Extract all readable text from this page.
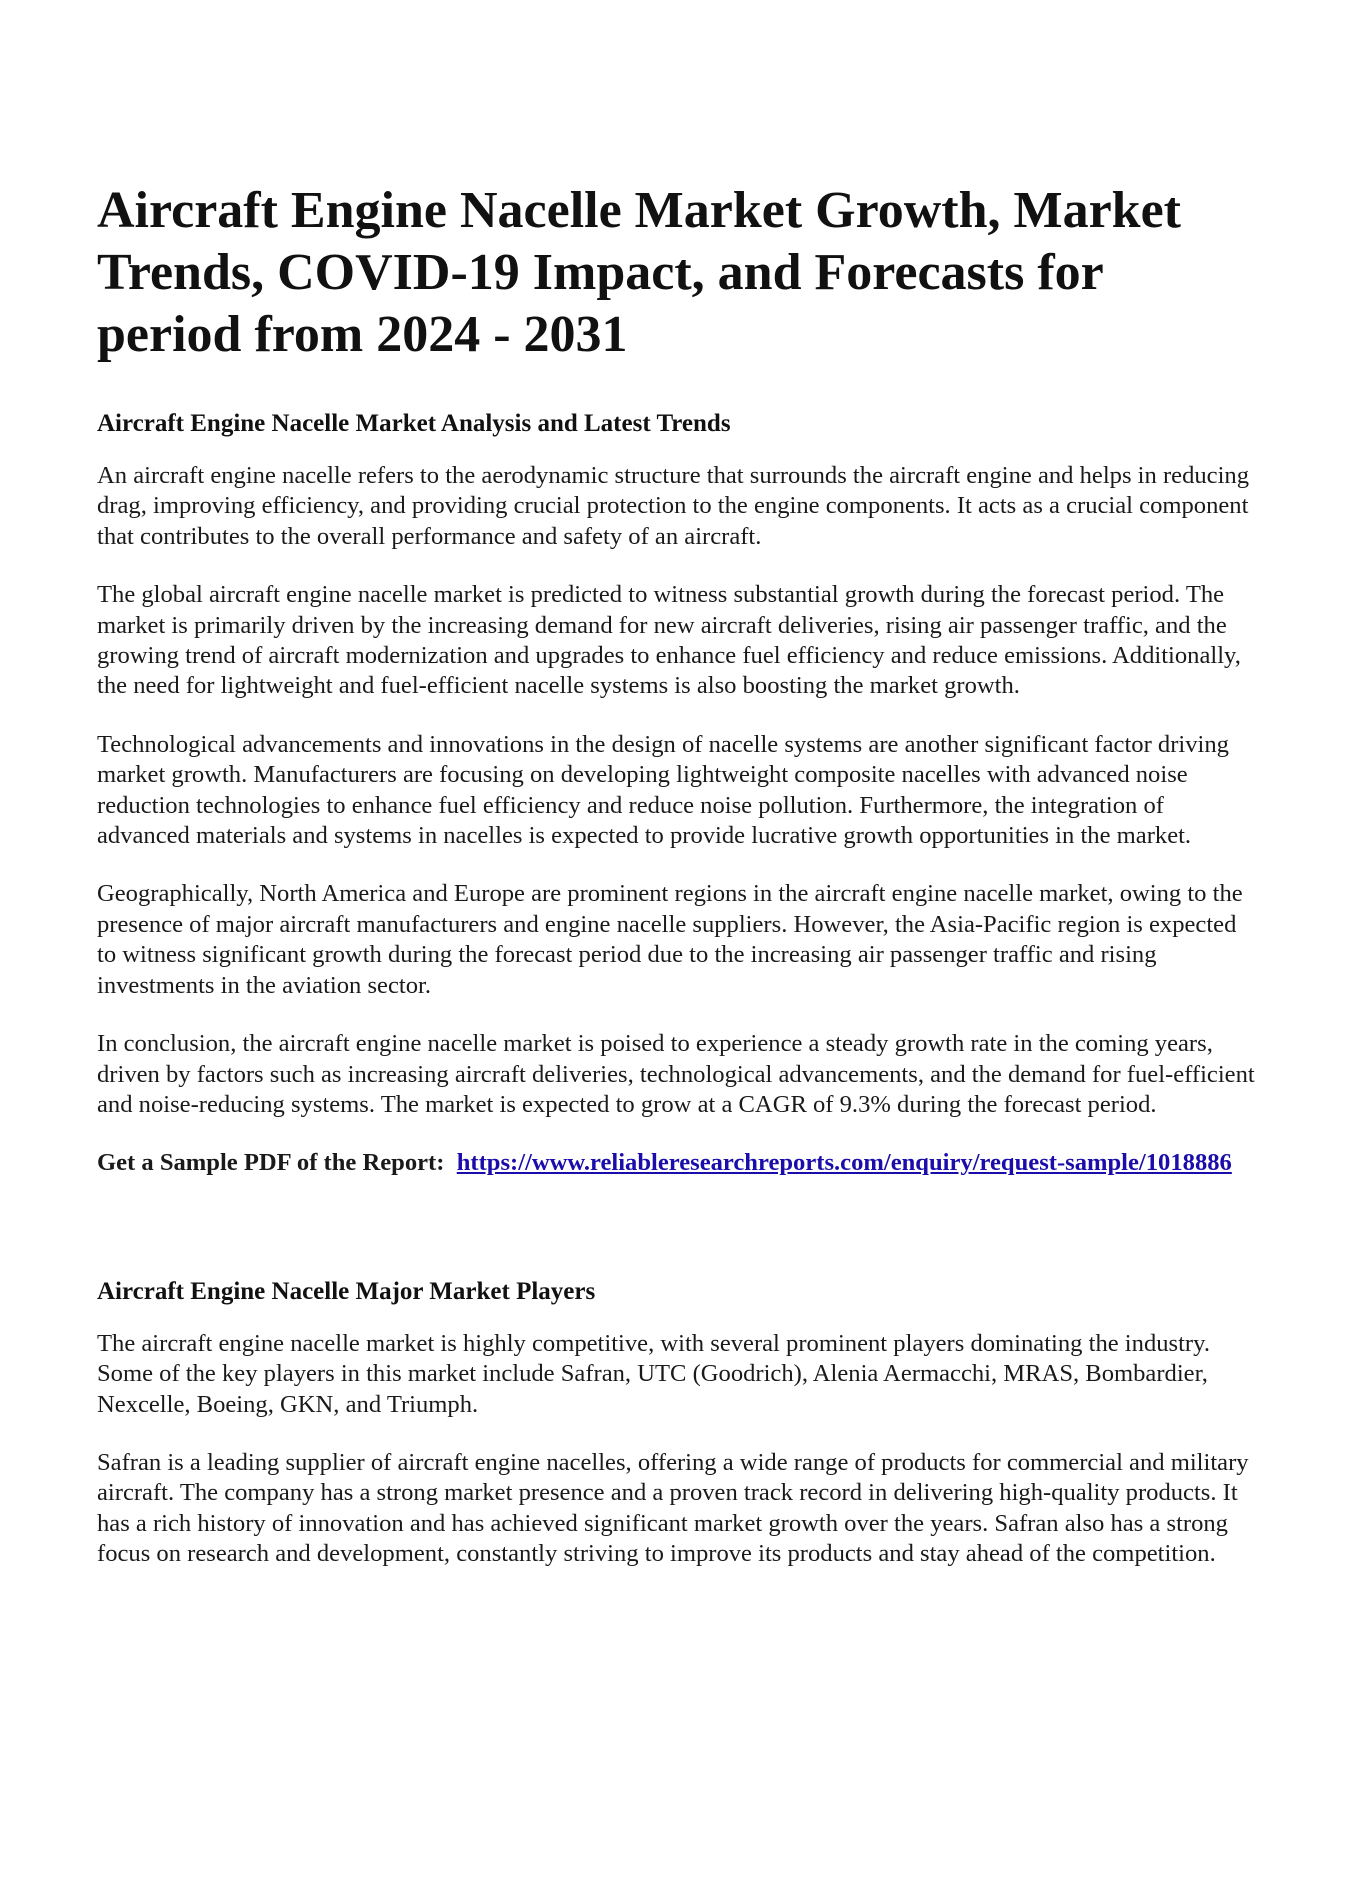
Aircraft Engine Nacelle Market Growth, Market Trends, COVID-19 Impact, and Forecasts for period from 2024 - 2031
Aircraft Engine Nacelle Market Analysis and Latest Trends

An aircraft engine nacelle refers to the aerodynamic structure that surrounds the aircraft engine and helps in reducing drag, improving efficiency, and providing crucial protection to the engine components. It acts as a crucial component that contributes to the overall performance and safety of an aircraft.

The global aircraft engine nacelle market is predicted to witness substantial growth during the forecast period. The market is primarily driven by the increasing demand for new aircraft deliveries, rising air passenger traffic, and the growing trend of aircraft modernization and upgrades to enhance fuel efficiency and reduce emissions. Additionally, the need for lightweight and fuel-efficient nacelle systems is also boosting the market growth.

Technological advancements and innovations in the design of nacelle systems are another significant factor driving market growth. Manufacturers are focusing on developing lightweight composite nacelles with advanced noise reduction technologies to enhance fuel efficiency and reduce noise pollution. Furthermore, the integration of advanced materials and systems in nacelles is expected to provide lucrative growth opportunities in the market.

Geographically, North America and Europe are prominent regions in the aircraft engine nacelle market, owing to the presence of major aircraft manufacturers and engine nacelle suppliers. However, the Asia-Pacific region is expected to witness significant growth during the forecast period due to the increasing air passenger traffic and rising investments in the aviation sector.

In conclusion, the aircraft engine nacelle market is poised to experience a steady growth rate in the coming years, driven by factors such as increasing aircraft deliveries, technological advancements, and the demand for fuel-efficient and noise-reducing systems. The market is expected to grow at a CAGR of 9.3% during the forecast period.

Get a Sample PDF of the Report:  https://www.reliableresearchreports.com/enquiry/request-sample/1018886

Aircraft Engine Nacelle Major Market Players

The aircraft engine nacelle market is highly competitive, with several prominent players dominating the industry. Some of the key players in this market include Safran, UTC (Goodrich), Alenia Aermacchi, MRAS, Bombardier, Nexcelle, Boeing, GKN, and Triumph.

Safran is a leading supplier of aircraft engine nacelles, offering a wide range of products for commercial and military aircraft. The company has a strong market presence and a proven track record in delivering high-quality products. It has a rich history of innovation and has achieved significant market growth over the years. Safran also has a strong focus on research and development, constantly striving to improve its products and stay ahead of the competition.
